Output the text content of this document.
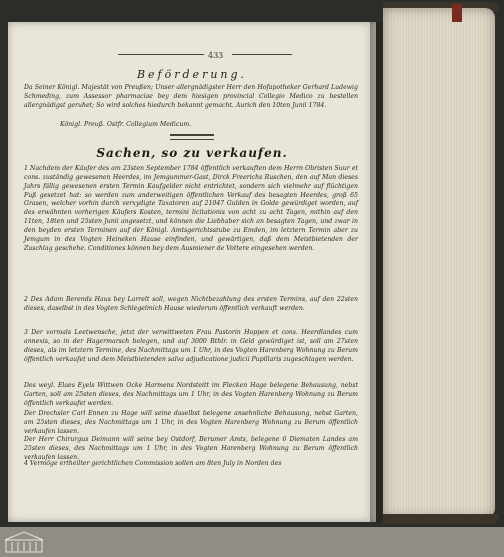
433
Beförderung.
Da Seiner Königl. Majestät von Preußen; Unser allergnädigster Herr den Hofapotheker Gerhard Ludewig Schmeding, zum Assessor pharmaciae bey dem hiesigen provincial Collegio Medico zu bestellen allergnädigst geruhet; So wird solches hiedurch bekannt gemacht. Aurich den 10ten Junii 1784.
Königl. Preuß. Ostfr. Collegium Medicum.
Sachen, so zu verkaufen.
1 Nachdem der Käufer des am 23sten September 1784 öffentlich verkauften dem Herrn Obristen Suur et cons. zuständig gewesenen Heerdes, im Jemgummer-Gast, Dirck Freerichs Ruschen, den auf Man dieses Jahrs fällig gewesenen ersten Termin Kaufgelder nicht entrichtet, sondern sich vielmehr auf flüchtigen Fuß gesetzet hat: so werden zum anderweitigen öffentlichen Verkauf des besagten Heerdes, groß 65 Grasen, welcher vorhin durch verxydigte Taxatoren auf 21047 Gulden in Golde gewürdiget worden, auf des erwähnten vorherigen Käufers Kosten, termini licitationis von acht zu acht Tagen, mithin auf den 11ten, 18ten und 25sten Junii angesetzt, und können die Liebhaber sich an besagten Tagen, und zwar in den beyden ersten Terminen auf der Königl. Amtsgerichtsstube zu Emden, im letztern Termin aber zu Jemgum in des Vogten Heineken Hause einfinden, und gewärtigen, daß dem Meistbietenden der Zuschlag geschehe. Conditiones können bey dem Ausmiener de Vottere eingesehen werden.
2 Des Adam Berends Haus bey Larrelt soll, wegen Nichtbezahlung des ersten Termins, auf den 22sten dieses, daselbst in des Vogten Schlegelmich Hause wiederum öffentlich verkauft werden.
3 Der vormals Leetwensche, jetzt der verwittweten Frau Pastorin Hoppen et cons. Heerdlandes cum annexis, so in der Hagermarsch belegen, und auf 3000 Rthlr. in Geld gewürdiget ist, soll am 27sten dieses, als im letztern Termine, des Nachmittags um 1 Uhr, in des Vogten Harenberg Wohnung zu Berum öffentlich verkaufet und dem Meistbietenden salva adjudicatione judicii Pupillaris zugeschlagen werden.
Des weyl. Elaes Eyels Wittwen Ocke Harmens Nordsteitt im Flecken Hage belegene Behausung, nebst Garten, soll am 25sten dieses, des Nachmittags um 1 Uhr, in des Vogten Harenberg Wohnung zu Berum öffentlich verkaufet werden.
Der Drechsler Carl Ennen zu Hage will seine daselbst belegene ansehnliche Behausung, nebst Garten, am 25sten dieses, des Nachmittags um 1 Uhr, in des Vogten Harenberg Wohnung zu Berum öffentlich verkaufen lassen.
Der Herr Chirurgus Deimann will seine bey Ostdorf, Berumer Amts, belegene 6 Diematen Landes am 25sten dieses, des Nachmittags um 1 Uhr, in des Vogten Harenberg Wohnung zu Berum öffentlich verkaufen lassen.
4 Vermöge ertheilter gerichtlichen Commission sollen am 8ten July in Norden des
